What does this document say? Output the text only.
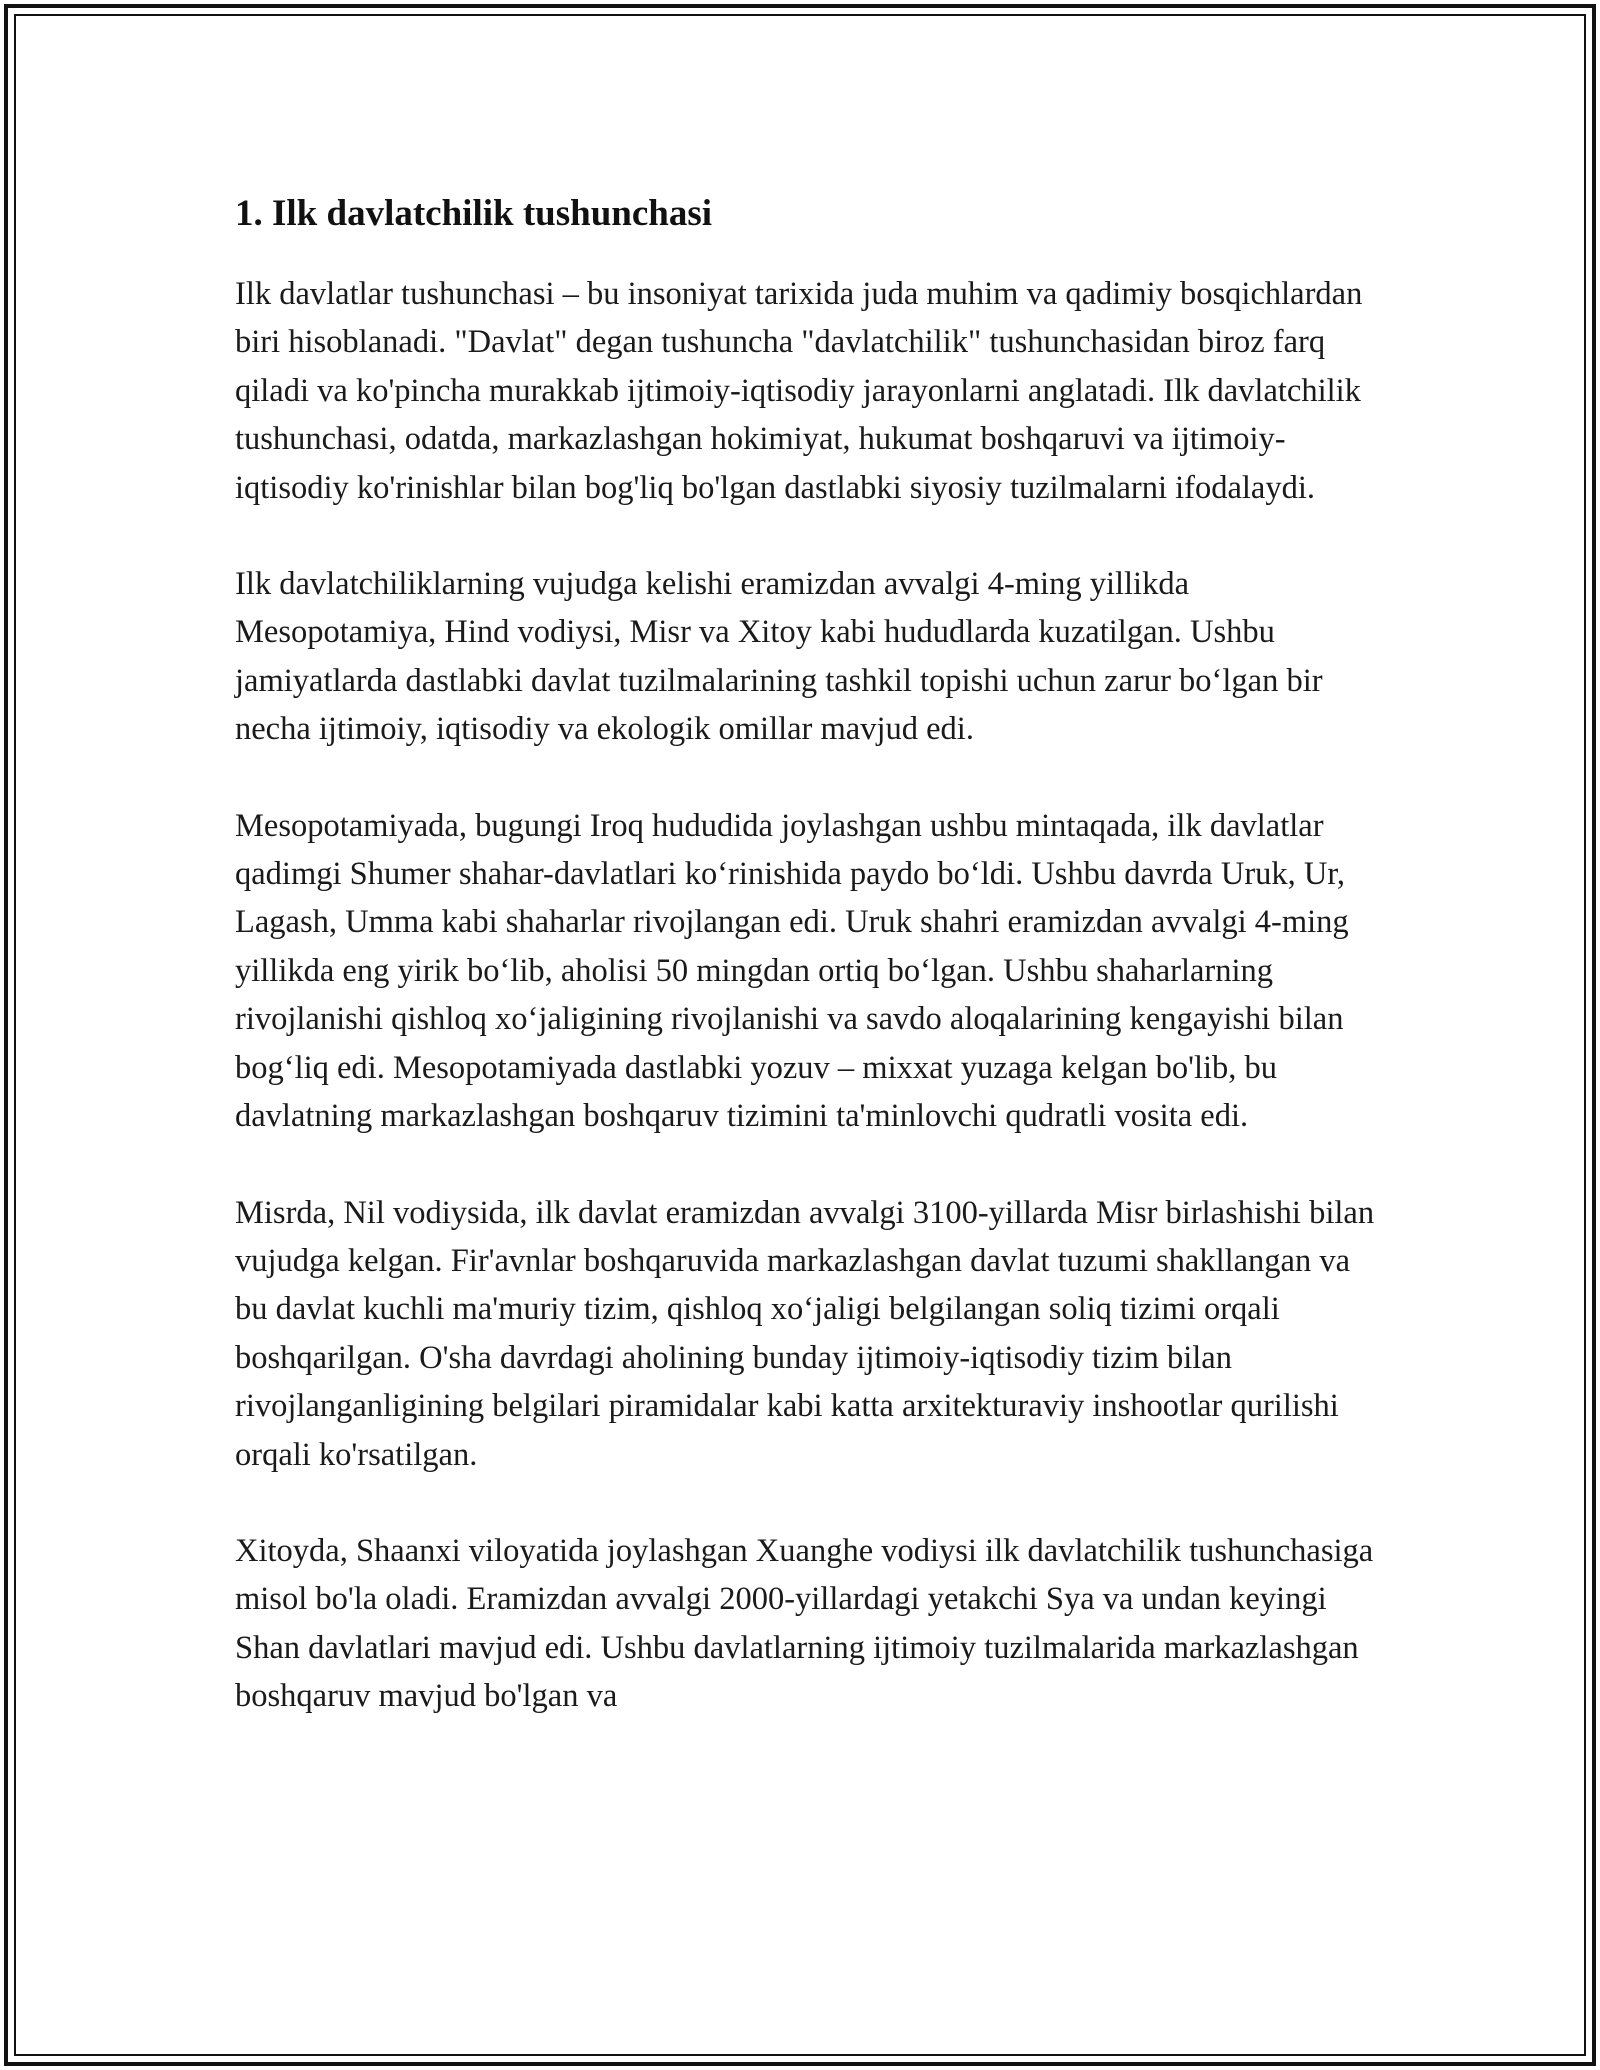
1. Ilk davlatchilik tushunchasi

Ilk davlatlar tushunchasi – bu insoniyat tarixida juda muhim va qadimiy bosqichlardan biri hisoblanadi. "Davlat" degan tushuncha "davlatchilik" tushunchasidan biroz farq qiladi va ko'pincha murakkab ijtimoiy-iqtisodiy jarayonlarni anglatadi. Ilk davlatchilik tushunchasi, odatda, markazlashgan hokimiyat, hukumat boshqaruvi va ijtimoiy-iqtisodiy ko'rinishlar bilan bog'liq bo'lgan dastlabki siyosiy tuzilmalarni ifodalaydi.

Ilk davlatchiliklarning vujudga kelishi eramizdan avvalgi 4-ming yillikda Mesopotamiya, Hind vodiysi, Misr va Xitoy kabi hududlarda kuzatilgan. Ushbu jamiyatlarda dastlabki davlat tuzilmalarining tashkil topishi uchun zarur bo‘lgan bir necha ijtimoiy, iqtisodiy va ekologik omillar mavjud edi.

Mesopotamiyada, bugungi Iroq hududida joylashgan ushbu mintaqada, ilk davlatlar qadimgi Shumer shahar-davlatlari ko‘rinishida paydo bo‘ldi. Ushbu davrda Uruk, Ur, Lagash, Umma kabi shaharlar rivojlangan edi. Uruk shahri eramizdan avvalgi 4-ming yillikda eng yirik bo‘lib, aholisi 50 mingdan ortiq bo‘lgan. Ushbu shaharlarning rivojlanishi qishloq xo‘jaligining rivojlanishi va savdo aloqalarining kengayishi bilan bog‘liq edi. Mesopotamiyada dastlabki yozuv – mixxat yuzaga kelgan bo'lib, bu davlatning markazlashgan boshqaruv tizimini ta'minlovchi qudratli vosita edi.

Misrda, Nil vodiysida, ilk davlat eramizdan avvalgi 3100-yillarda Misr birlashishi bilan vujudga kelgan. Fir'avnlar boshqaruvida markazlashgan davlat tuzumi shakllangan va bu davlat kuchli ma'muriy tizim, qishloq xo‘jaligi belgilangan soliq tizimi orqali boshqarilgan. O'sha davrdagi aholining bunday ijtimoiy-iqtisodiy tizim bilan rivojlanganligining belgilari piramidalar kabi katta arxitekturaviy inshootlar qurilishi orqali ko'rsatilgan.

Xitoyda, Shaanxi viloyatida joylashgan Xuanghe vodiysi ilk davlatchilik tushunchasiga misol bo'la oladi. Eramizdan avvalgi 2000-yillardagi yetakchi Sya va undan keyingi Shan davlatlari mavjud edi. Ushbu davlatlarning ijtimoiy tuzilmalarida markazlashgan boshqaruv mavjud bo'lgan va
